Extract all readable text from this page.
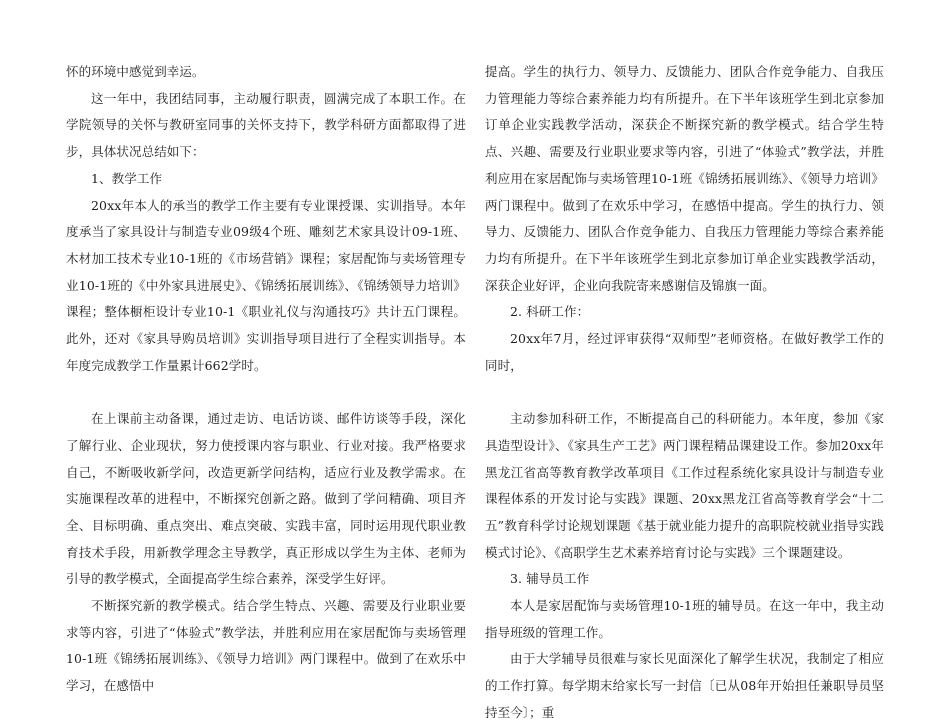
怀的环境中感觉到幸运。

这一年中，我团结同事，主动履行职责，圆满完成了本职工作。在学院领导的关怀与教研室同事的关怀支持下，教学科研方面都取得了进步，具体状况总结如下：

1、教学工作

20xx年本人的承当的教学工作主要有专业课授课、实训指导。本年度承当了家具设计与制造专业09级4个班、雕刻艺术家具设计09-1班、木材加工技术专业10-1班的《市场营销》课程；家居配饰与卖场管理专业10-1班的《中外家具进展史》、《锦绣拓展训练》、《锦绣领导力培训》课程；整体橱柜设计专业10-1《职业礼仪与沟通技巧》共计五门课程。此外，还对《家具导购员培训》实训指导项目进行了全程实训指导。本年度完成教学工作量累计662学时。

在上课前主动备课，通过走访、电话访谈、邮件访谈等手段，深化了解行业、企业现状，努力使授课内容与职业、行业对接。我严格要求自己，不断吸收新学问，改造更新学问结构，适应行业及教学需求。在实施课程改革的进程中，不断探究创新之路。做到了学问精确、项目齐全、目标明确、重点突出、难点突破、实践丰富，同时运用现代职业教育技术手段，用新教学理念主导教学，真正形成以学生为主体、老师为引导的教学模式，全面提高学生综合素养，深受学生好评。

不断探究新的教学模式。结合学生特点、兴趣、需要及行业职业要求等内容，引进了“体验式”教学法，并胜利应用在家居配饰与卖场管理10-1班《锦绣拓展训练》、《领导力培训》两门课程中。做到了在欢乐中学习，在感悟中

提高。学生的执行力、领导力、反馈能力、团队合作竞争能力、自我压力管理能力等综合素养能力均有所提升。在下半年该班学生到北京参加订单企业实践教学活动，深获企不断探究新的教学模式。结合学生特点、兴趣、需要及行业职业要求等内容，引进了“体验式”教学法，并胜利应用在家居配饰与卖场管理10-1班《锦绣拓展训练》、《领导力培训》两门课程中。做到了在欢乐中学习，在感悟中提高。学生的执行力、领导力、反馈能力、团队合作竞争能力、自我压力管理能力等综合素养能力均有所提升。在下半年该班学生到北京参加订单企业实践教学活动，深获企业好评，企业向我院寄来感谢信及锦旗一面。

2. 科研工作：

20xx年7月，经过评审获得“双师型”老师资格。在做好教学工作的同时，

主动参加科研工作，不断提高自己的科研能力。本年度，参加《家具造型设计》、《家具生产工艺》两门课程精品课建设工作。参加20xx年黑龙江省高等教育教学改革项目《工作过程系统化家具设计与制造专业课程体系的开发讨论与实践》课题、20xx黑龙江省高等教育学会“十二五”教育科学讨论规划课题《基于就业能力提升的高职院校就业指导实践模式讨论》、《高职学生艺术素养培育讨论与实践》三个课题建设。

3. 辅导员工作

本人是家居配饰与卖场管理10-1班的辅导员。在这一年中，我主动指导班级的管理工作。

由于大学辅导员很难与家长见面深化了解学生状况，我制定了相应的工作打算。每学期末给家长写一封信〔已从08年开始担任兼职导员坚持至今〕；重
